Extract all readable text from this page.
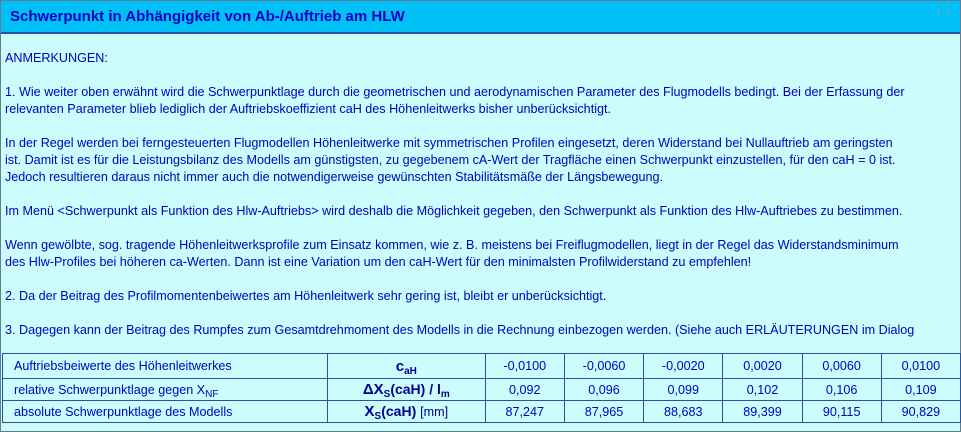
Schwerpunkt in Abhängigkeit von Ab-/Auftrieb am HLW

ANMERKUNGEN:

1. Wie weiter oben erwähnt wird die Schwerpunktlage durch die geometrischen und aerodynamischen Parameter des Flugmodells bedingt. Bei der Erfassung der

relevanten Parameter blieb lediglich der Auftriebskoeffizient caH des Höhenleitwerks bisher unberücksichtigt.

In der Regel werden bei ferngesteuerten Flugmodellen Höhenleitwerke mit symmetrischen Profilen eingesetzt, deren Widerstand bei Nullauftrieb am geringsten

ist. Damit ist es für die Leistungsbilanz des Modells am günstigsten, zu gegebenem cA-Wert der Tragfläche einen Schwerpunkt einzustellen, für den caH = 0 ist.

Jedoch resultieren daraus nicht immer auch die notwendigerweise gewünschten Stabilitätsmäße der Längsbewegung.

Im Menü <Schwerpunkt als Funktion des Hlw-Auftriebs> wird deshalb die Möglichkeit gegeben, den Schwerpunkt als Funktion des Hlw-Auftriebes zu bestimmen.

Wenn gewölbte, sog. tragende Höhenleitwerksprofile zum Einsatz kommen, wie z. B. meistens bei Freiflugmodellen, liegt in der Regel das Widerstandsminimum

des Hlw-Profiles bei höheren ca-Werten. Dann ist eine Variation um den caH-Wert für den minimalsten Profilwiderstand zu empfehlen!

2. Da der Beitrag des Profilmomentenbeiwertes am Höhenleitwerk sehr gering ist, bleibt er unberücksichtigt.

3. Dagegen kann der Beitrag des Rumpfes zum Gesamtdrehmoment des Modells in die Rechnung einbezogen werden. (Siehe auch ERLÄUTERUNGEN im Dialog

Auftriebsbeiwerte des Höhenleitwerkes	$c_{aH}$	-0,0100	-0,0060	-0,0020	0,0020	0,0060	0,0100
relative Schwerpunktlage gegen $X_{NF}$	$\Delta X_S(caH) / l_m$	0,092	0,096	0,099	0,102	0,106	0,109
absolute Schwerpunktlage des Modells	$X_S(caH)$ [mm]	87,247	87,965	88,683	89,399	90,115	90,829
